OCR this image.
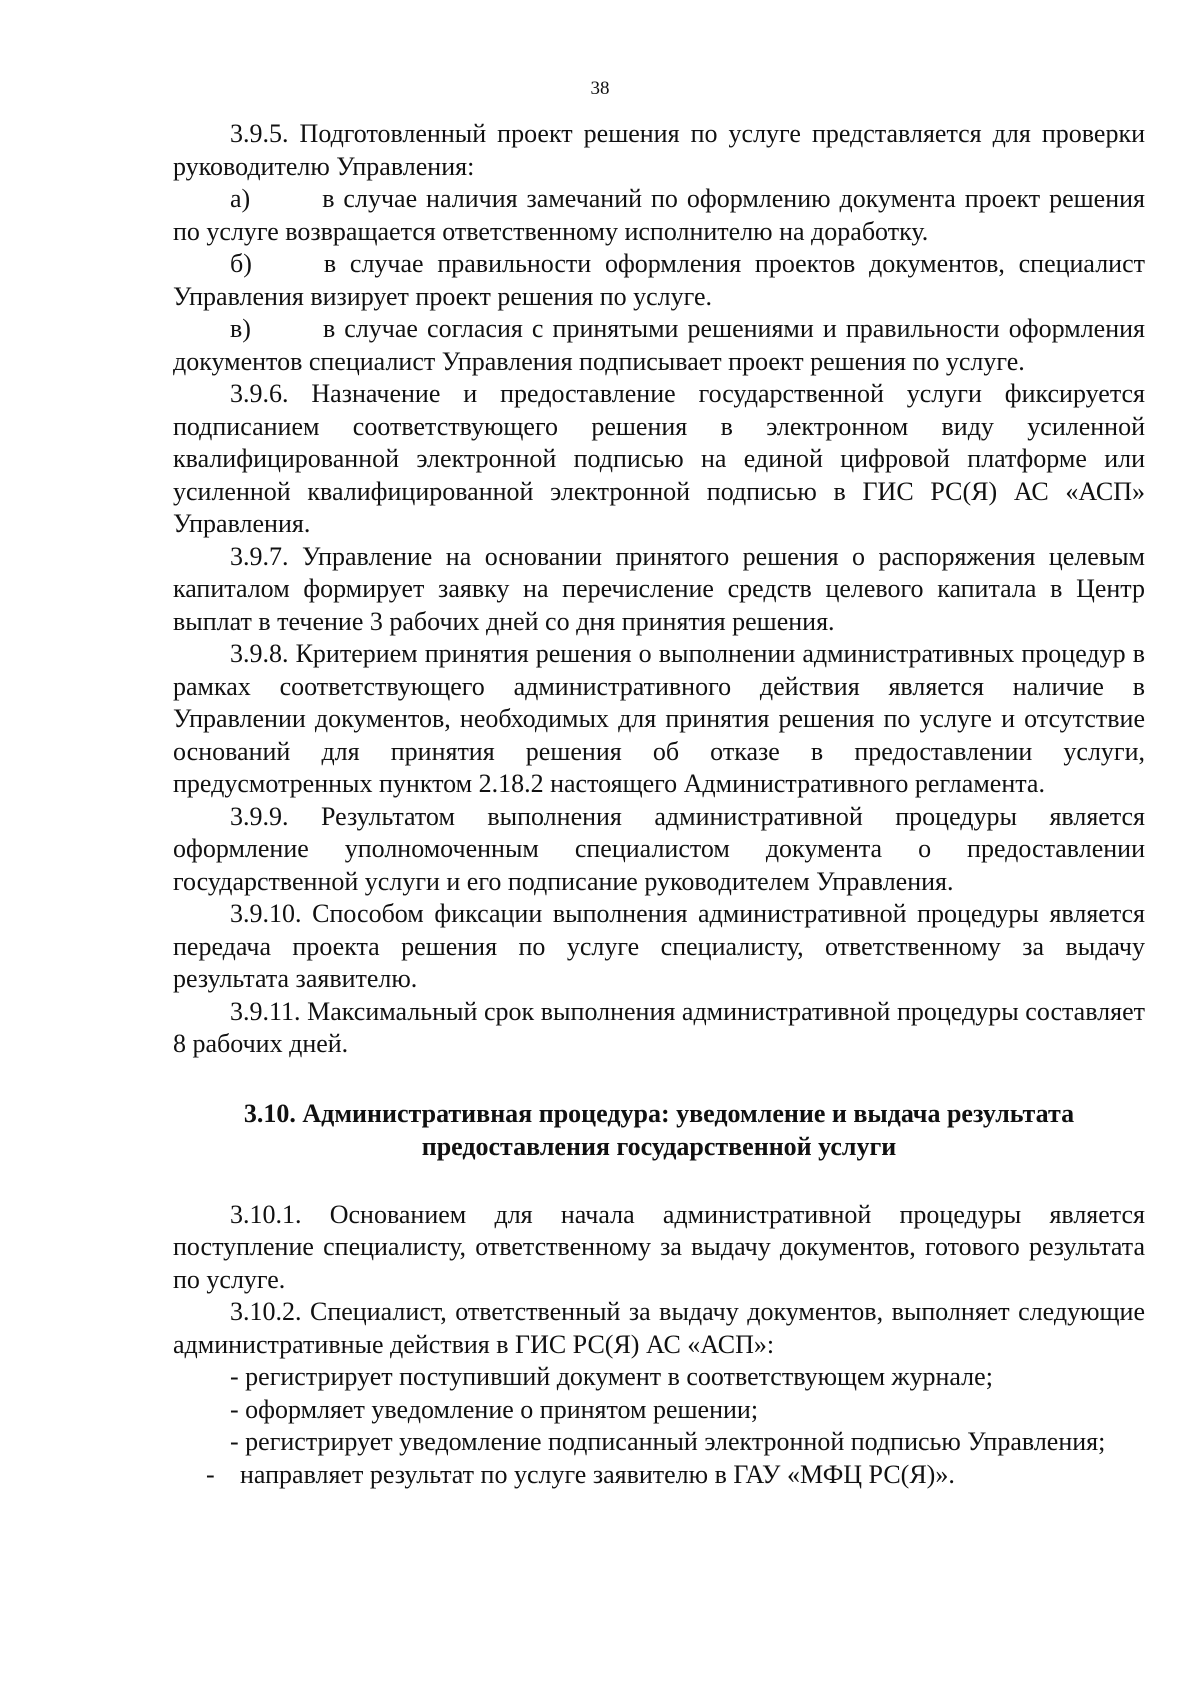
38

3.9.5. Подготовленный проект решения по услуге представляется для проверки руководителю Управления:

а)	в случае наличия замечаний по оформлению документа проект решения по услуге возвращается ответственному исполнителю на доработку.

б)	в случае правильности оформления проектов документов, специалист Управления визирует проект решения по услуге.

в)	в случае согласия с принятыми решениями и правильности оформления документов специалист Управления подписывает проект решения по услуге.

3.9.6. Назначение и предоставление государственной услуги фиксируется подписанием соответствующего решения в электронном виду усиленной квалифицированной электронной подписью на единой цифровой платформе или усиленной квалифицированной электронной подписью в ГИС РС(Я) АС «АСП» Управления.

3.9.7. Управление на основании принятого решения о распоряжения целевым капиталом формирует заявку на перечисление средств целевого капитала в Центр выплат в течение 3 рабочих дней со дня принятия решения.

3.9.8. Критерием принятия решения о выполнении административных процедур в рамках соответствующего административного действия является наличие в Управлении документов, необходимых для принятия решения по услуге и отсутствие оснований для принятия решения об отказе в предоставлении услуги, предусмотренных пунктом 2.18.2 настоящего Административного регламента.

3.9.9. Результатом выполнения административной процедуры является оформление уполномоченным специалистом документа о предоставлении государственной услуги и его подписание руководителем Управления.

3.9.10. Способом фиксации выполнения административной процедуры является передача проекта решения по услуге специалисту, ответственному за выдачу результата заявителю.

3.9.11. Максимальный срок выполнения административной процедуры составляет 8 рабочих дней.

3.10. Административная процедура: уведомление и выдача результата
предоставления государственной услуги

3.10.1. Основанием для начала административной процедуры является поступление специалисту, ответственному за выдачу документов, готового результата по услуге.

3.10.2. Специалист, ответственный за выдачу документов, выполняет следующие административные действия в ГИС РС(Я) АС «АСП»:

- регистрирует поступивший документ в соответствующем журнале;

- оформляет уведомление о принятом решении;

- регистрирует уведомление подписанный электронной подписью Управления;

- направляет результат по услуге заявителю в ГАУ «МФЦ РС(Я)».
